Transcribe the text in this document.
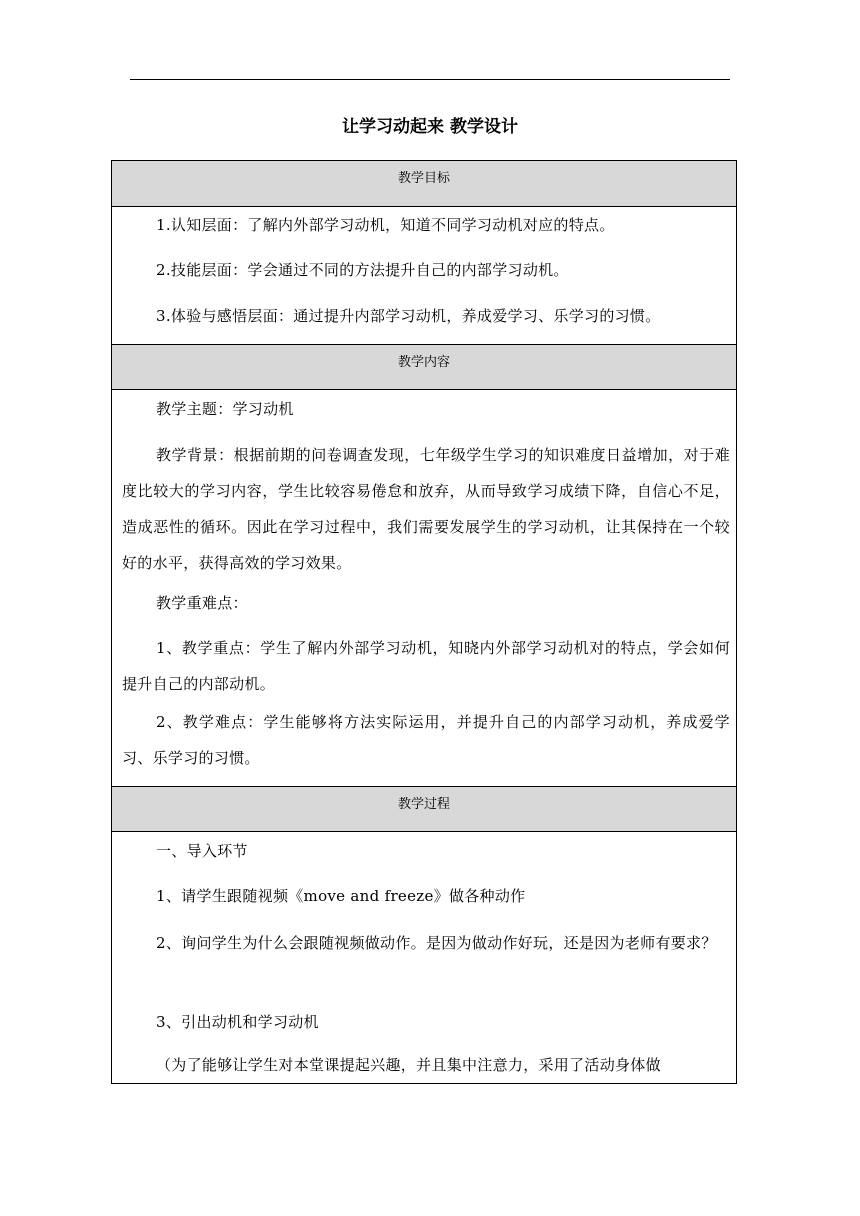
让学习动起来 教学设计
教学目标
1.认知层面：了解内外部学习动机，知道不同学习动机对应的特点。
2.技能层面：学会通过不同的方法提升自己的内部学习动机。
3.体验与感悟层面：通过提升内部学习动机，养成爱学习、乐学习的习惯。
教学内容
教学主题：学习动机
教学背景：根据前期的问卷调查发现，七年级学生学习的知识难度日益增加，对于难度比较大的学习内容，学生比较容易倦怠和放弃，从而导致学习成绩下降，自信心不足，造成恶性的循环。因此在学习过程中，我们需要发展学生的学习动机，让其保持在一个较好的水平，获得高效的学习效果。
教学重难点：
1、教学重点：学生了解内外部学习动机，知晓内外部学习动机对的特点，学会如何提升自己的内部动机。
2、教学难点：学生能够将方法实际运用，并提升自己的内部学习动机，养成爱学习、乐学习的习惯。
教学过程
一、导入环节
1、请学生跟随视频《move and freeze》做各种动作
2、询问学生为什么会跟随视频做动作。是因为做动作好玩，还是因为老师有要求？
3、引出动机和学习动机
（为了能够让学生对本堂课提起兴趣，并且集中注意力，采用了活动身体做
